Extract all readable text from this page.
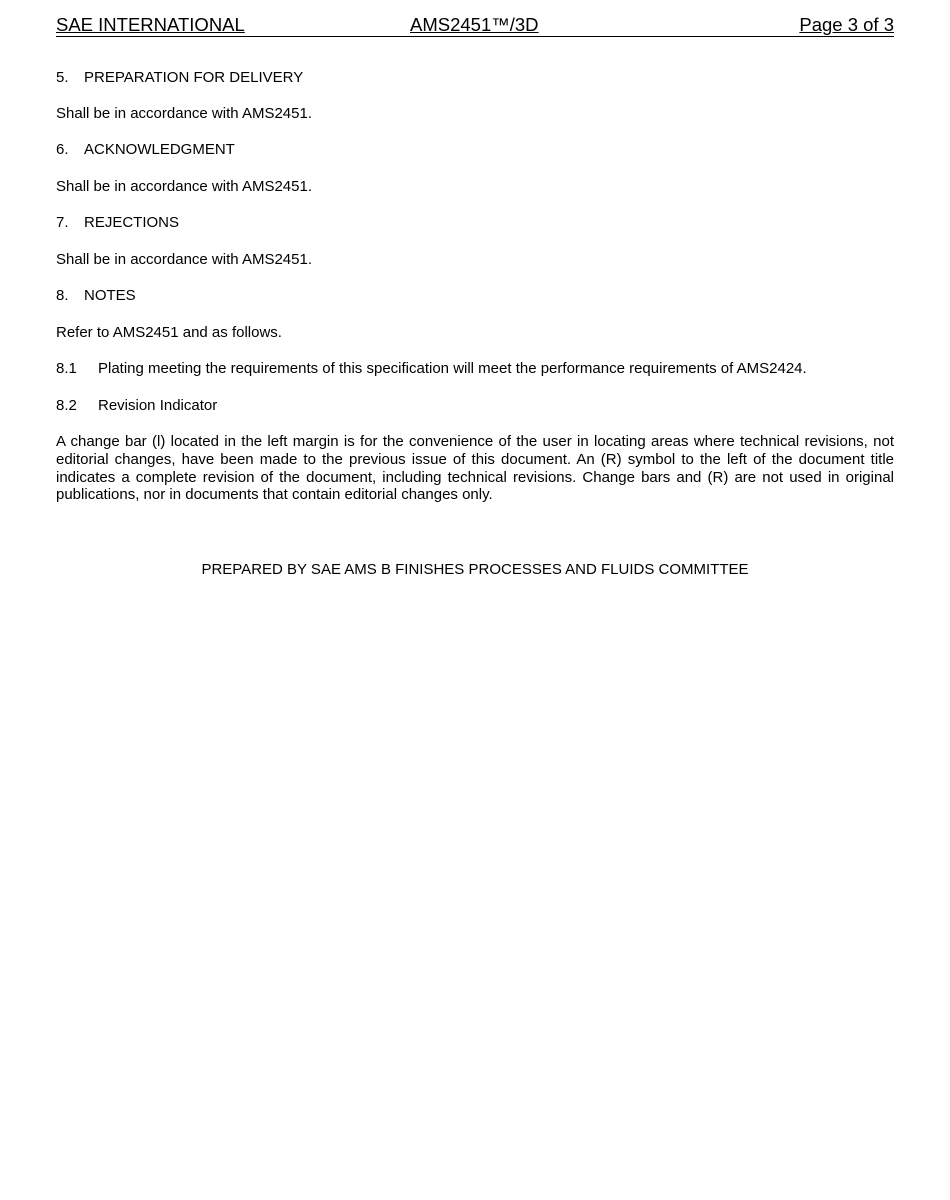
SAE INTERNATIONAL	AMS2451™/3D	Page 3 of 3
5. PREPARATION FOR DELIVERY
Shall be in accordance with AMS2451.
6. ACKNOWLEDGMENT
Shall be in accordance with AMS2451.
7. REJECTIONS
Shall be in accordance with AMS2451.
8. NOTES
Refer to AMS2451 and as follows.
8.1 Plating meeting the requirements of this specification will meet the performance requirements of AMS2424.
8.2 Revision Indicator
A change bar (l) located in the left margin is for the convenience of the user in locating areas where technical revisions, not editorial changes, have been made to the previous issue of this document. An (R) symbol to the left of the document title indicates a complete revision of the document, including technical revisions. Change bars and (R) are not used in original publications, nor in documents that contain editorial changes only.
PREPARED BY SAE AMS B FINISHES PROCESSES AND FLUIDS COMMITTEE
